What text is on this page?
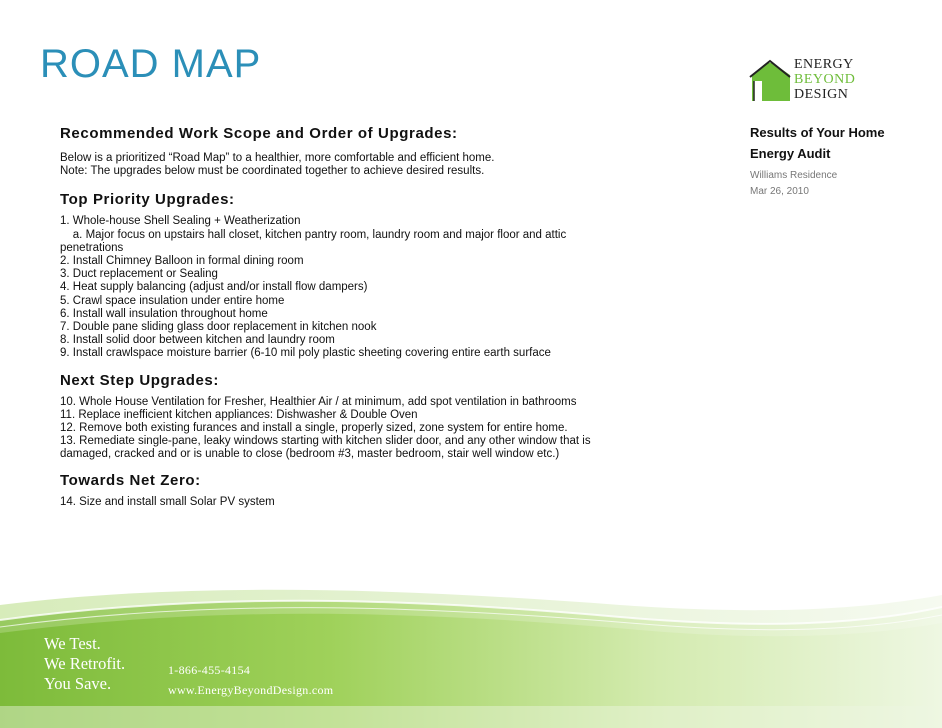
ROAD MAP	ENERGY
BEYOND
DESIGN
Results of Your Home
Energy Audit
Williams Residence
Mar 26, 2010
Recommended Work Scope and Order of Upgrades:

Below is a prioritized “Road Map” to a healthier, more comfortable and efficient home.

Note: The upgrades below must be coordinated together to achieve desired results.

Top Priority Upgrades:

1. Whole-house Shell Sealing + Weatherization

a. Major focus on upstairs hall closet, kitchen pantry room, laundry room and major floor and attic

penetrations

2. Install Chimney Balloon in formal dining room

3. Duct replacement or Sealing

4. Heat supply balancing (adjust and/or install flow dampers)

5. Crawl space insulation under entire home

6. Install wall insulation throughout home

7. Double pane sliding glass door replacement in kitchen nook

8. Install solid door between kitchen and laundry room

9. Install crawlspace moisture barrier (6-10 mil poly plastic sheeting covering entire earth surface

Next Step Upgrades:

10. Whole House Ventilation for Fresher, Healthier Air / at minimum, add spot ventilation in bathrooms

11. Replace inefficient kitchen appliances: Dishwasher & Double Oven

12. Remove both existing furances and install a single, properly sized, zone system for entire home.

13. Remediate single-pane, leaky windows starting with kitchen slider door, and any other window that is

damaged, cracked and or is unable to close (bedroom #3, master bedroom, stair well window etc.)

Towards Net Zero:

14. Size and install small Solar PV system

We Test.
We Retrofit.
You Save.
1-866-455-4154
www.EnergyBeyondDesign.com
